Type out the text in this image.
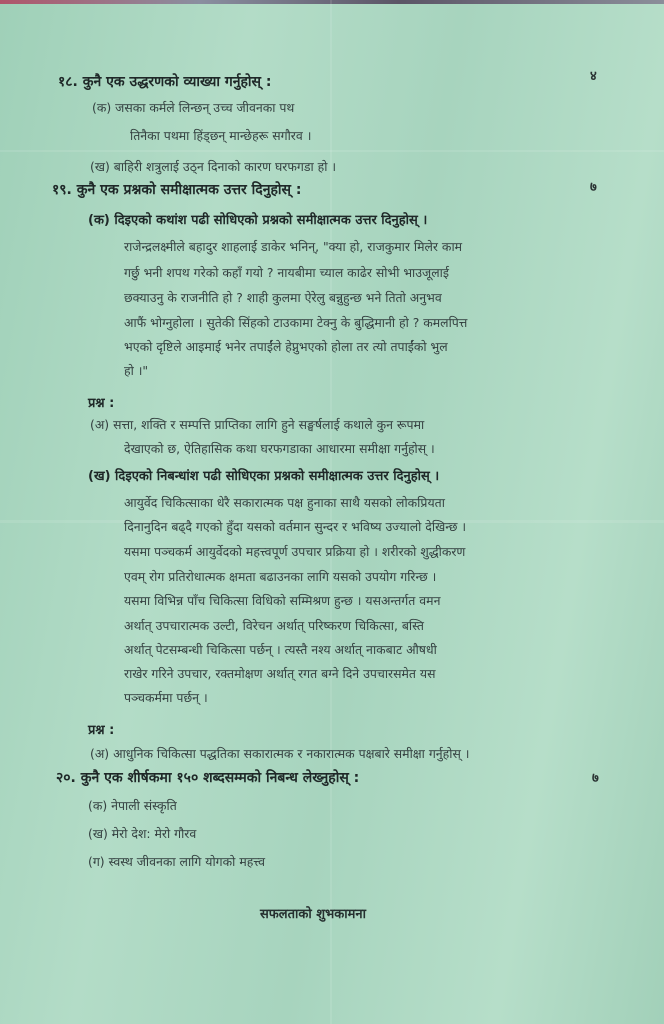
१८. कुनै एक उद्धरणको व्याख्या गर्नुहोस् :	४
(क) जसका कर्मले लिन्छन् उच्च जीवनका पथ
तिनैका पथमा हिंड्छन् मान्छेहरू सगौरव ।
(ख) बाहिरी शत्रुलाई उठ्न दिनाको कारण घरफगडा हो ।
१९. कुनै एक प्रश्नको समीक्षात्मक उत्तर दिनुहोस् :	७
(क) दिइएको कथांश पढी सोधिएको प्रश्नको समीक्षात्मक उत्तर दिनुहोस् ।
राजेन्द्रलक्ष्मीले बहादुर शाहलाई डाकेर भनिन्, "क्या हो, राजकुमार मिलेर काम
गर्छु भनी शपथ गरेको कहाँ गयो ? नायबीमा च्याल काढेर सोभी भाउजूलाई
छक्याउनु के राजनीति हो ? शाही कुलमा ऐरेलु बन्नुहुन्छ भने तितो अनुभव
आफैं भोग्नुहोला । सुतेकी सिंहको टाउकामा टेक्नु के बुद्धिमानी हो ? कमलपित्त
भएको दृष्टिले आइमाई भनेर तपाईंले हेप्नुभएको होला तर त्यो तपाईंको भुल
हो ।"
प्रश्न :
(अ) सत्ता, शक्ति र सम्पत्ति प्राप्तिका लागि हुने सङ्घर्षलाई कथाले कुन रूपमा
देखाएको छ, ऐतिहासिक कथा घरफगडाका आधारमा समीक्षा गर्नुहोस् ।
(ख) दिइएको निबन्धांश पढी सोधिएका प्रश्नको समीक्षात्मक उत्तर दिनुहोस् ।
आयुर्वेद चिकित्साका धेरै सकारात्मक पक्ष हुनाका साथै यसको लोकप्रियता
दिनानुदिन बढ्दै गएको हुँदा यसको वर्तमान सुन्दर र भविष्य उज्यालो देखिन्छ ।
यसमा पञ्चकर्म आयुर्वेदको महत्त्वपूर्ण उपचार प्रक्रिया हो । शरीरको शुद्धीकरण
एवम् रोग प्रतिरोधात्मक क्षमता बढाउनका लागि यसको उपयोग गरिन्छ ।
यसमा विभिन्न पाँच चिकित्सा विधिको सम्मिश्रण हुन्छ । यसअन्तर्गत वमन
अर्थात् उपचारात्मक उल्टी, विरेचन अर्थात् परिष्करण चिकित्सा, बस्ति
अर्थात् पेटसम्बन्धी चिकित्सा पर्छन् । त्यस्तै नश्य अर्थात् नाकबाट औषधी
राखेर गरिने उपचार, रक्तमोक्षण अर्थात् रगत बग्ने दिने उपचारसमेत यस
पञ्चकर्ममा पर्छन् ।
प्रश्न :
(अ) आधुनिक चिकित्सा पद्धतिका सकारात्मक र नकारात्मक पक्षबारे समीक्षा गर्नुहोस् ।
२०. कुनै एक शीर्षकमा १५० शब्दसम्मको निबन्ध लेख्नुहोस् :	७
(क) नेपाली संस्कृति
(ख) मेरो देश: मेरो गौरव
(ग) स्वस्थ जीवनका लागि योगको महत्त्व
सफलताको शुभकामना
